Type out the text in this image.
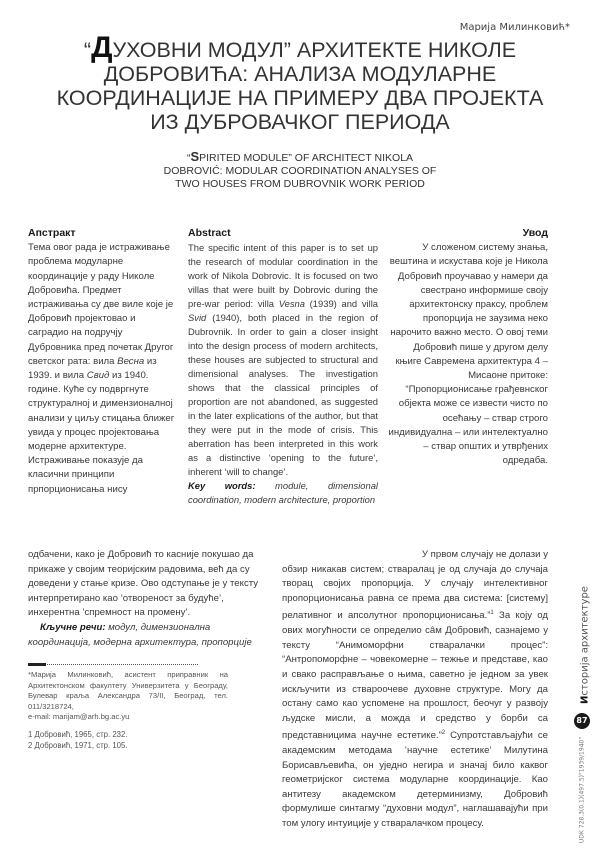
Марија Милинковић*
“ДУХОВНИ МОДУЛ” АРХИТЕКТЕ НИКОЛЕ ДОБРОВИЋА: АНАЛИЗА МОДУЛАРНЕ КООРДИНАЦИЈЕ НА ПРИМЕРУ ДВА ПРОЈЕКТА ИЗ ДУБРОВАЧКОГ ПЕРИОДА
“SPIRITED MODULE” OF ARCHITECT NIKOLA DOBROVIĆ: MODULAR COORDINATION ANALYSES OF TWO HOUSES FROM DUBROVNIK WORK PERIOD
Апстракт

Тема овог рада је истраживање проблема модуларне координације у раду Николе Добровића. Предмет истраживања су две виле које је Добровић пројектовао и саградио на подручју Дубровника пред почетак Другог светског рата: вила Весна из 1939. и вила Свид из 1940. године. Куће су подвргнуте структуралној и димензионалној анализи у циљу стицања ближег увида у процес пројектовања модерне архитектуре. Истраживање показује да класични принципи прпорционисања нису

Abstract

The specific intent of this paper is to set up the research of modular coordination in the work of Nikola Dobrovic. It is focused on two villas that were built by Dobrovic during the pre-war period: villa Vesna (1939) and villa Svid (1940), both placed in the region of Dubrovnik. In order to gain a closer insight into the design process of modern architects, these houses are subjected to structural and dimensional analyses. The investigation shows that the classical principles of proportion are not abandoned, as suggested in the later explications of the author, but that they were put in the mode of crisis. This aberration has been interpreted in this work as a distinctive ‘opening to the future’, inherent ‘will to change’.

Key words: module, dimensional coordination, modern architecture, proportion

Увод

У сложеном систему знања, вештина и искустава које је Никола Добровић проучавао у намери да свестрано информише своју архитектонску праксу, проблем пропорција не заузима неко нарочито важно место. О овој теми Добровић пише у другом делу књиге Савремена архитектура 4 – Мисаоне притоке: “Пропорционисање грађевнског објекта може се извести чисто по осећању – ствар строго индивидуална – или интелектуално – ствар општих и утврђених одредаба.

одбачени, како је Добровић то касније покушао да прикаже у својим теоријским радовима, већ да су доведени у стање кризе. Ово одступање је у тексту интерпретирано као ’отвореност за будуће’, инхерентна ’спремност на промену’.

Кључне речи: модул, димензионална координација, модерна архитектура, пропорције

*Марија Милинковић, асистент приправник на Архитектонском факултету Универзитета у Београду, Булевар краља Александра 73/II, Београд, тел. 011/3218724,
e-mail: marijam@arh.bg.ac.yu
1 Добровић, 1965, стр. 232.
2 Добровић, 1971, стр. 105.

У првом случају не долази у

обзир никакав систем; стваралац је од случаја до случаја творац својих пропорција. У случају интелективног пропорционисања равна се према два система: [систему] релативног и апсолутног пропорционисања.”$^1$ За коју од ових могућности се определио сâм Добровић, сазнајемо у тексту “Анимоморфни стваралачки процес”: “Антропоморфне – човекомерне – тежње и представе, као и свако расправљање о њима, саветно је једном за увек искључити из ствароочеве духовне структуре. Могу да остану само као успомене на прошлост, беочуг у развоју људске мисли, а можда и средство у борби са представницима научне естетике.”$^2$ Супротстављајући се академским методама ’научне естетике’ Милутина Борисављевића, он уједно негира и значај било каквог геометријског система модуларне координације. Као антитезу академском детерминизму, Добровић формулише синтагму “духовни модул”, наглашавајући при том улогу интуиције у стваралачком процесу.

Историја архитектуре
87
UDK 728.3(0.1)(497.5)"1939/1940"
